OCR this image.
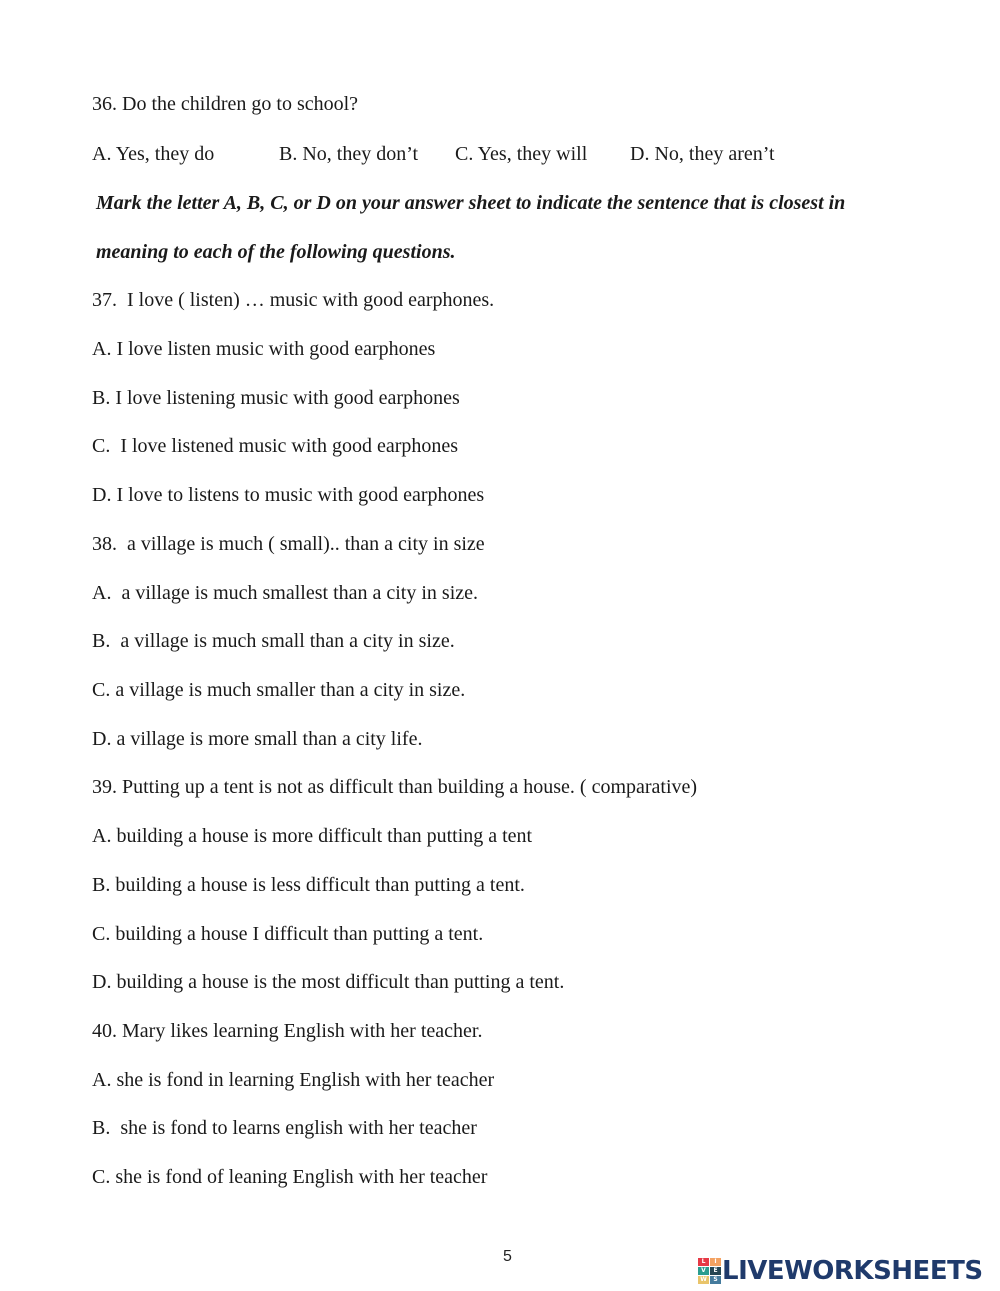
36. Do the children go to school?

A. Yes, they do

	B. No, they don’t

C. Yes, they will

D. No, they aren’t

Mark the letter A, B, C, or D on your answer sheet to indicate the sentence that is closest in
meaning to each of the following questions.
37.  I love ( listen) … music with good earphones.
A. I love listen music with good earphones
B. I love listening music with good earphones
C.  I love listened music with good earphones
D. I love to listens to music with good earphones
38.  a village is much ( small).. than a city in size
A.  a village is much smallest than a city in size.
B.  a village is much small than a city in size.
C. a village is much smaller than a city in size.
D. a village is more small than a city life.
39. Putting up a tent is not as difficult than building a house. ( comparative)
A. building a house is more difficult than putting a tent
B. building a house is less difficult than putting a tent.
C. building a house I difficult than putting a tent.
D. building a house is the most difficult than putting a tent.
40. Mary likes learning English with her teacher.
A. she is fond in learning English with her teacher
B.  she is fond to learns english with her teacher
C. she is fond of leaning English with her teacher
5	L	I
V	E
W	S LIVEWORKSHEETS
